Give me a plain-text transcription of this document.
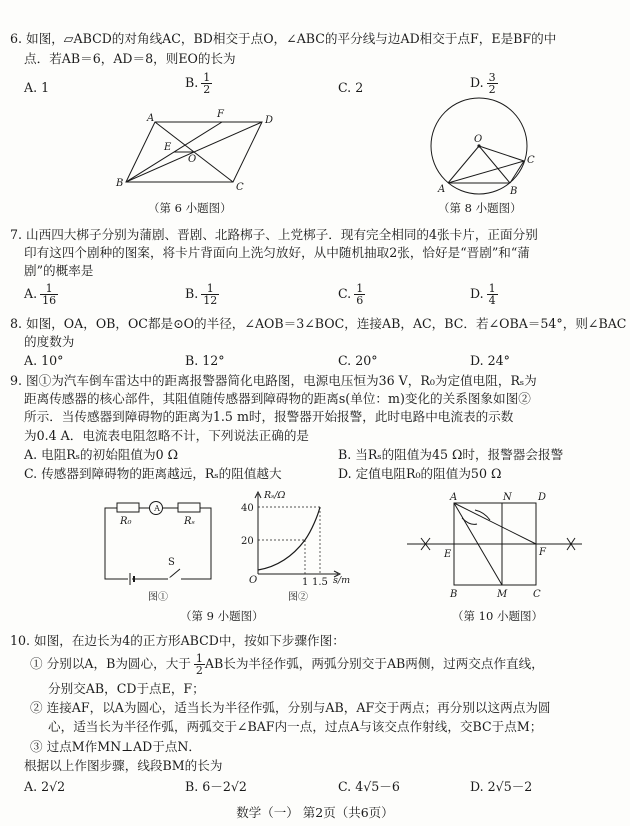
6. 如图，▱ABCD的对角线AC，BD相交于点O，∠ABC的平分线与边AD相交于点F，E是BF的中
点．若AB＝6，AD＝8，则EO的长为
A. 1	B. $\frac{1}{2}$	C. 2	D. $\frac{3}{2}$
A	F
D
E
O
B	C
（第 6 小题图）
O
A	B
C
（第 8 小题图）
7. 山西四大梆子分别为蒲剧、晋剧、北路梆子、上党梆子．现有完全相同的4张卡片，正面分别
印有这四个剧种的图案，将卡片背面向上洗匀放好，从中随机抽取2张，恰好是“晋剧”和“蒲
剧”的概率是
A. $\frac{1}{16}$	B. $\frac{1}{12}$	C. $\frac{1}{6}$	D. $\frac{1}{4}$
8. 如图，OA，OB，OC都是⊙O的半径，∠AOB＝3∠BOC，连接AB，AC，BC．若∠OBA＝54°，则∠BAC
的度数为
A. 10°	B. 12°	C. 20°	D. 24°
9. 图①为汽车倒车雷达中的距离报警器简化电路图，电源电压恒为36 V，R₀为定值电阻，Rₛ为
距离传感器的核心部件，其阻值随传感器到障碍物的距离s(单位：m)变化的关系图象如图②
所示．当传感器到障碍物的距离为1.5 m时，报警器开始报警，此时电路中电流表的示数
为0.4 A．电流表电阻忽略不计，下列说法正确的是
A. 电阻Rₛ的初始阻值为0 Ω	B. 当Rₛ的阻值为45 Ω时，报警器会报警
C. 传感器到障碍物的距离越远，Rₛ的阻值越大	D. 定值电阻R₀的阻值为50 Ω
A
R₀	Rₛ
S
图①
Rₛ/Ω
40
20
O	1 1.5 s/m
图②
（第 9 小题图）
A	N	D
E	F
B	M	C
（第 10 小题图）
10. 如图，在边长为4的正方形ABCD中，按如下步骤作图：
① 分别以A，B为圆心，大于 $\frac{1}{2}$ AB长为半径作弧，两弧分别交于AB两侧，过两交点作直线，
分别交AB，CD于点E，F；
② 连接AF，以A为圆心，适当长为半径作弧，分别与AB，AF交于两点；再分别以这两点为圆
心，适当长为半径作弧，两弧交于∠BAF内一点，过点A与该交点作射线，交BC于点M；
③ 过点M作MN⊥AD于点N．
根据以上作图步骤，线段BM的长为
A. 2√2	B. 6－2√2	C. 4√5－6	D. 2√5－2
数学（一） 第2页（共6页）
